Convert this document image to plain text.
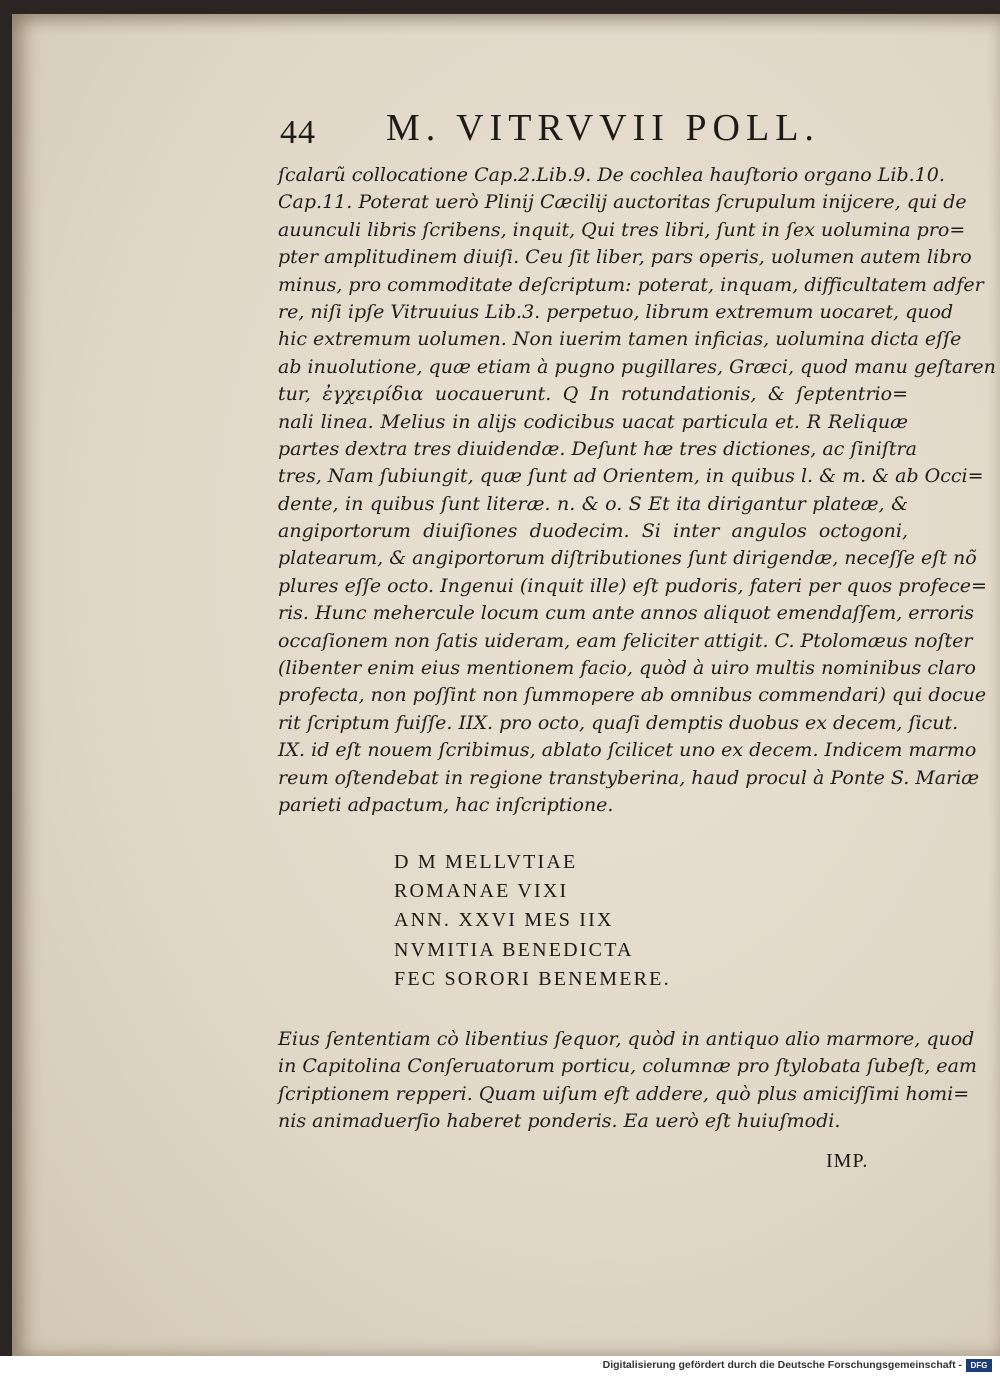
44 M. VITRVVII POLL.
ſcalarũ collocatione Cap.2.Lib.9. De cochlea hauſtorio organo Lib.10.
Cap.11. Poterat uerò Plinij Cæcilij auctoritas ſcrupulum inijcere, qui de
auunculi libris ſcribens, inquit, Qui tres libri, ſunt in ſex uolumina pro=
pter amplitudinem diuiſi. Ceu ſit liber, pars operis, uolumen autem libro
minus, pro commoditate deſcriptum: poterat, inquam, difficultatem adfer
re, niſi ipſe Vitruuius Lib.3. perpetuo, librum extremum uocaret, quod
hic extremum uolumen. Non iuerim tamen inficias, uolumina dicta eſſe
ab inuolutione, quæ etiam à pugno pugillares, Græci, quod manu geſtaren
tur, ἐγχειρίδια uocauerunt. Q In rotundationis, & ſeptentrio=
nali linea. Melius in alijs codicibus uacat particula et. R Reliquæ
partes dextra tres diuidendæ. Deſunt hæ tres dictiones, ac ſiniſtra
tres, Nam ſubiungit, quæ ſunt ad Orientem, in quibus l. & m. & ab Occi=
dente, in quibus ſunt literæ. n. & o. S Et ita dirigantur plateæ, &
angiportorum diuiſiones duodecim. Si inter angulos octogoni,
platearum, & angiportorum diſtributiones ſunt dirigendæ, neceſſe eſt nõ
plures eſſe octo. Ingenui (inquit ille) eſt pudoris, fateri per quos profece=
ris. Hunc mehercule locum cum ante annos aliquot emendaſſem, erroris
occaſionem non ſatis uideram, eam feliciter attigit. C. Ptolomæus noſter
(libenter enim eius mentionem facio, quòd à uiro multis nominibus claro
profecta, non poſſint non ſummopere ab omnibus commendari) qui docue
rit ſcriptum fuiſſe. IIX. pro octo, quaſi demptis duobus ex decem, ſicut.
IX. id eſt nouem ſcribimus, ablato ſcilicet uno ex decem. Indicem marmo
reum oſtendebat in regione transtyberina, haud procul à Ponte S. Mariæ
parieti adpactum, hac inſcriptione.
D M MELLVTIAE
ROMANAE VIXI
ANN. XXVI MES IIX
NVMITIA BENEDICTA
FEC SORORI BENEMERE.
Eius ſententiam cò libentius ſequor, quòd in antiquo alio marmore, quod
in Capitolina Conſeruatorum porticu, columnæ pro ſtylobata ſubeſt, eam
ſcriptionem repperi. Quam uiſum eſt addere, quò plus amiciſſimi homi=
nis animaduerſio haberet ponderis. Ea uerò eſt huiuſmodi.
IMP.
Digitalisierung gefördert durch die Deutsche Forschungsgemeinschaft -	DFG
